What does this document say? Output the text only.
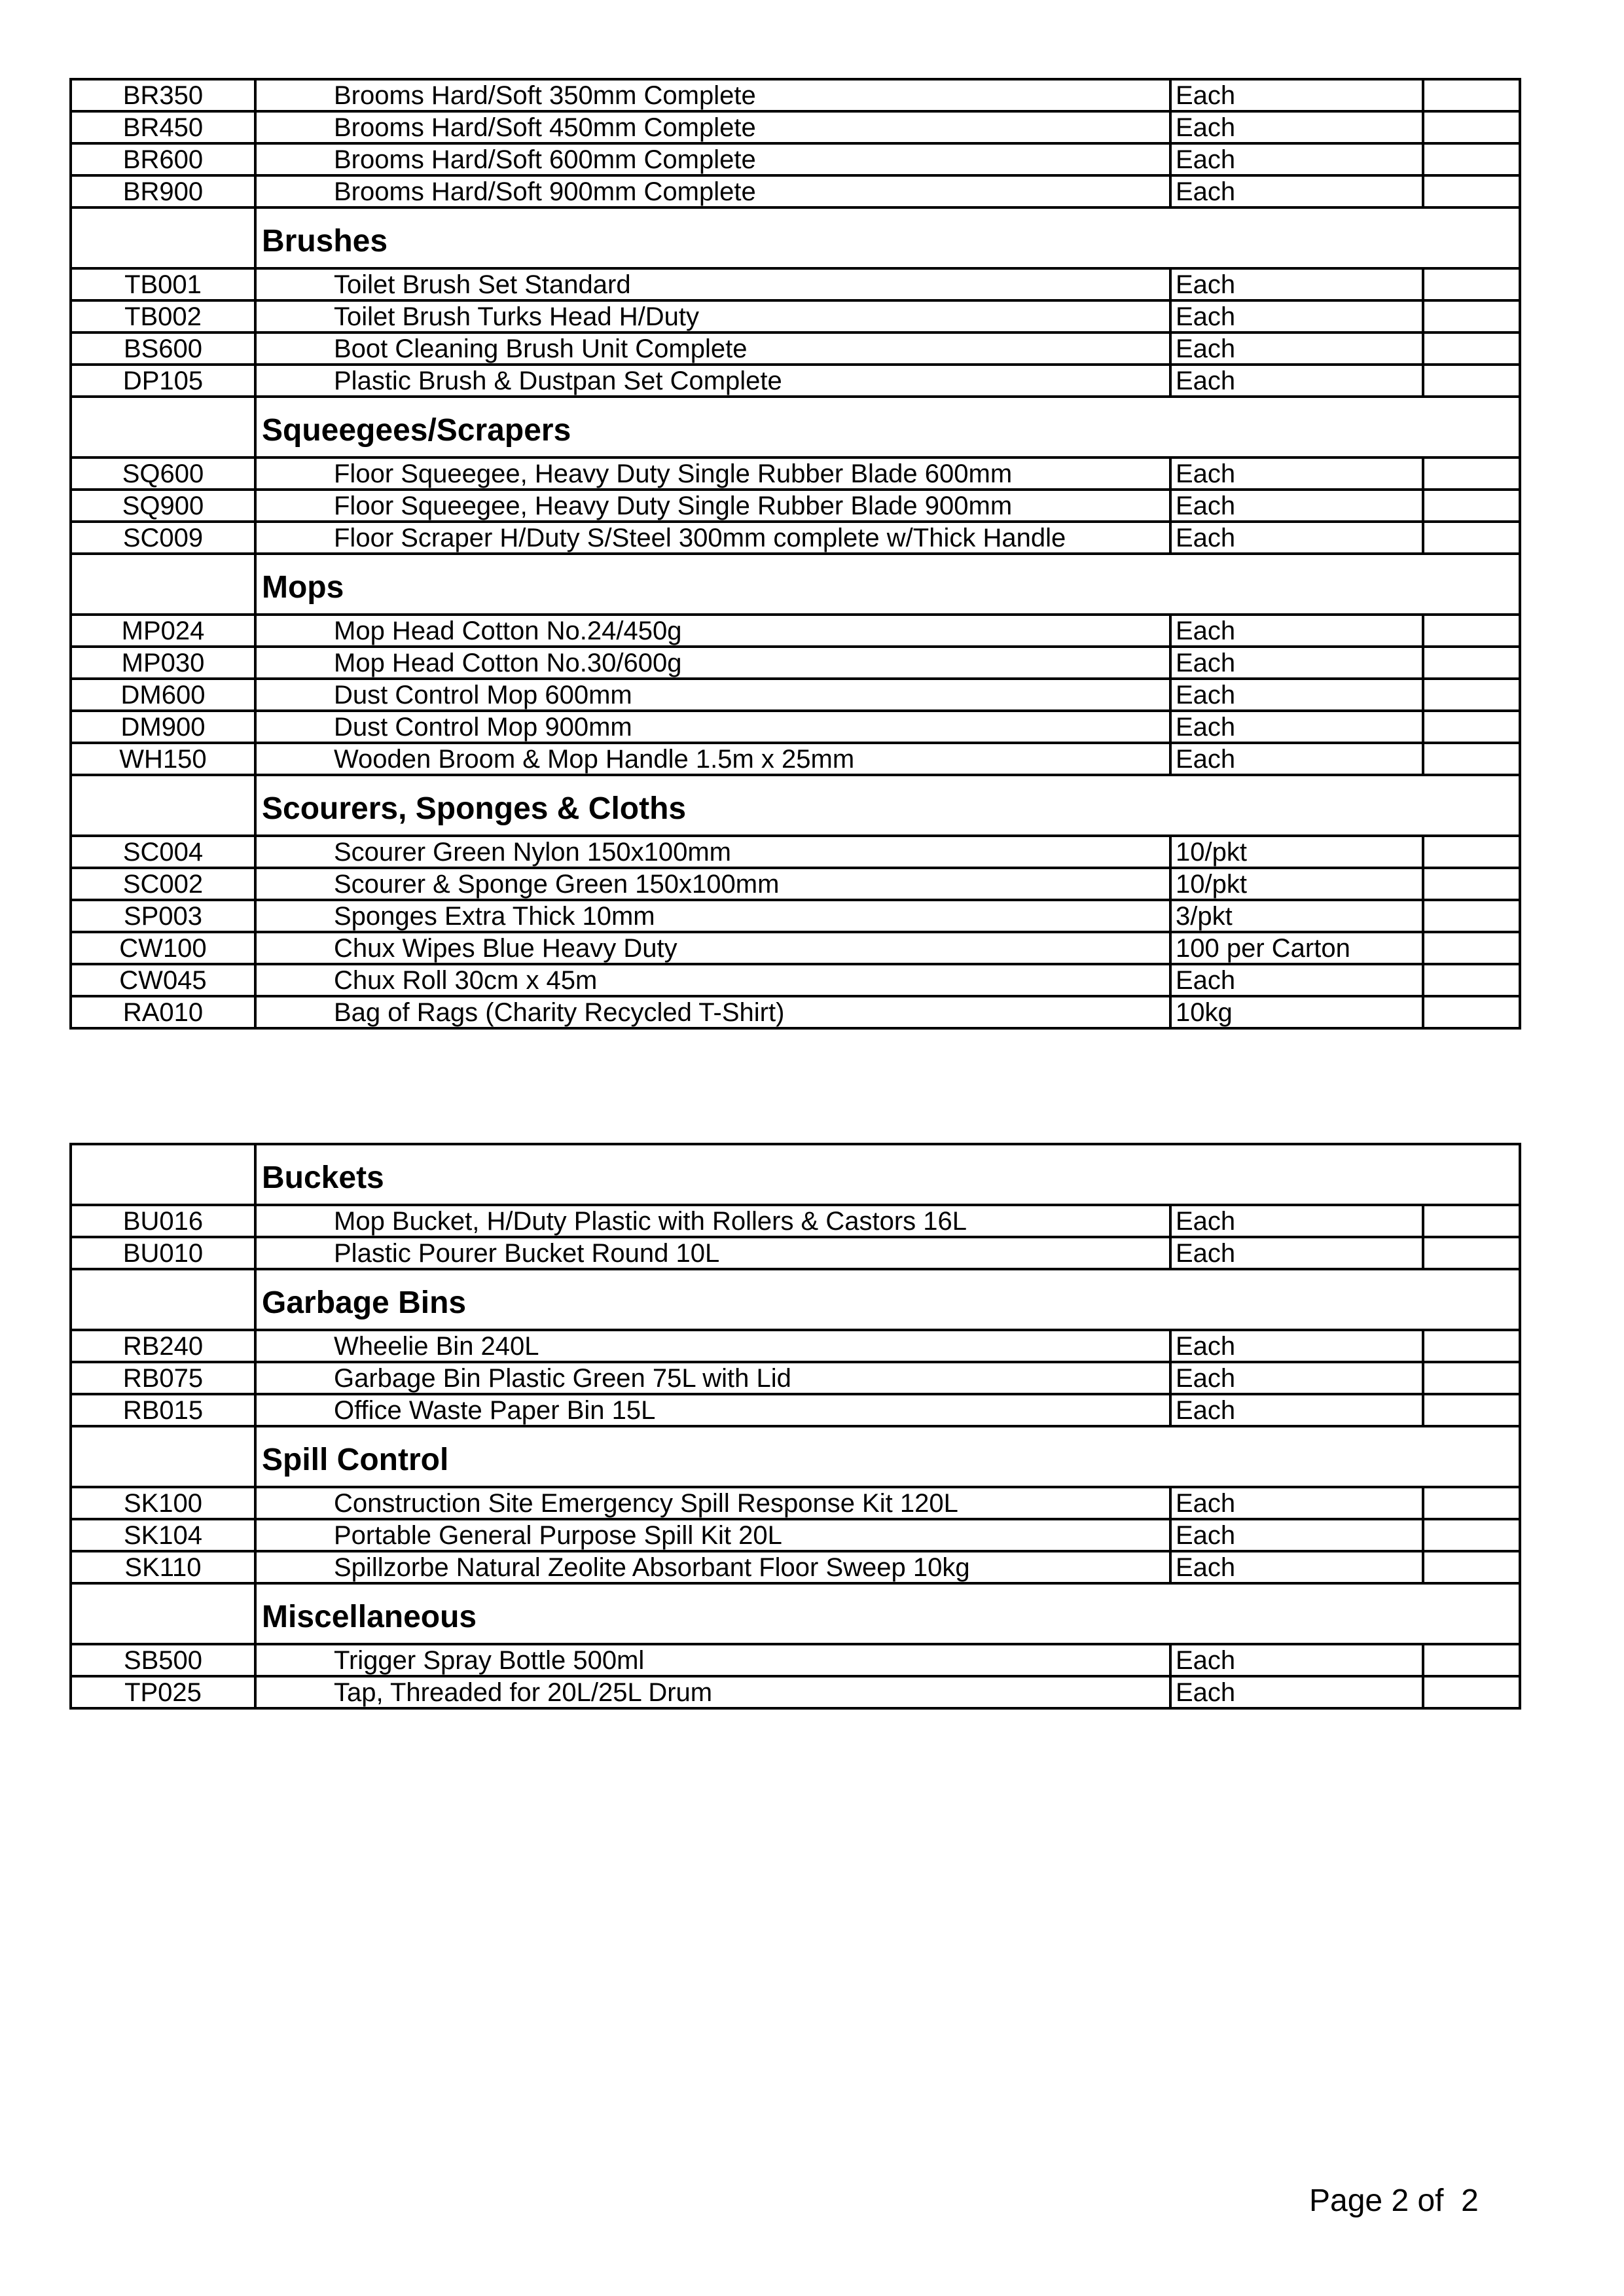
BR350	Brooms Hard/Soft 350mm Complete	Each	
BR450	Brooms Hard/Soft 450mm Complete	Each	
BR600	Brooms Hard/Soft 600mm Complete	Each	
BR900	Brooms Hard/Soft 900mm Complete	Each	
	Brushes		
TB001	Toilet Brush Set Standard	Each	
TB002	Toilet Brush Turks Head H/Duty	Each	
BS600	Boot Cleaning Brush Unit Complete	Each	
DP105	Plastic Brush & Dustpan Set Complete	Each	
	Squeegees/Scrapers		
SQ600	Floor Squeegee, Heavy Duty Single Rubber Blade 600mm	Each	
SQ900	Floor Squeegee, Heavy Duty Single Rubber Blade 900mm	Each	
SC009	Floor Scraper H/Duty S/Steel 300mm complete w/Thick Handle	Each	
	Mops		
MP024	Mop Head Cotton No.24/450g	Each	
MP030	Mop Head Cotton No.30/600g	Each	
DM600	Dust Control Mop 600mm	Each	
DM900	Dust Control Mop 900mm	Each	
WH150	Wooden Broom & Mop Handle 1.5m x 25mm	Each	
	Scourers, Sponges & Cloths		
SC004	Scourer Green Nylon 150x100mm	10/pkt	
SC002	Scourer & Sponge Green 150x100mm	10/pkt	
SP003	Sponges Extra Thick 10mm	3/pkt	
CW100	Chux Wipes Blue Heavy Duty	100 per Carton	
CW045	Chux Roll 30cm x 45m	Each	
RA010	Bag of Rags (Charity Recycled T-Shirt)	10kg	
	Buckets		
BU016	Mop Bucket, H/Duty Plastic with Rollers & Castors 16L	Each	
BU010	Plastic Pourer Bucket Round 10L	Each	
	Garbage Bins		
RB240	Wheelie Bin 240L	Each	
RB075	Garbage Bin Plastic Green 75L with Lid	Each	
RB015	Office Waste Paper Bin 15L	Each	
	Spill Control		
SK100	Construction Site Emergency Spill Response Kit 120L	Each	
SK104	Portable General Purpose Spill Kit 20L	Each	
SK110	Spillzorbe Natural Zeolite Absorbant Floor Sweep 10kg	Each	
	Miscellaneous		
SB500	Trigger Spray Bottle 500ml	Each	
TP025	Tap, Threaded for 20L/25L Drum	Each	
Page 2 of  2
